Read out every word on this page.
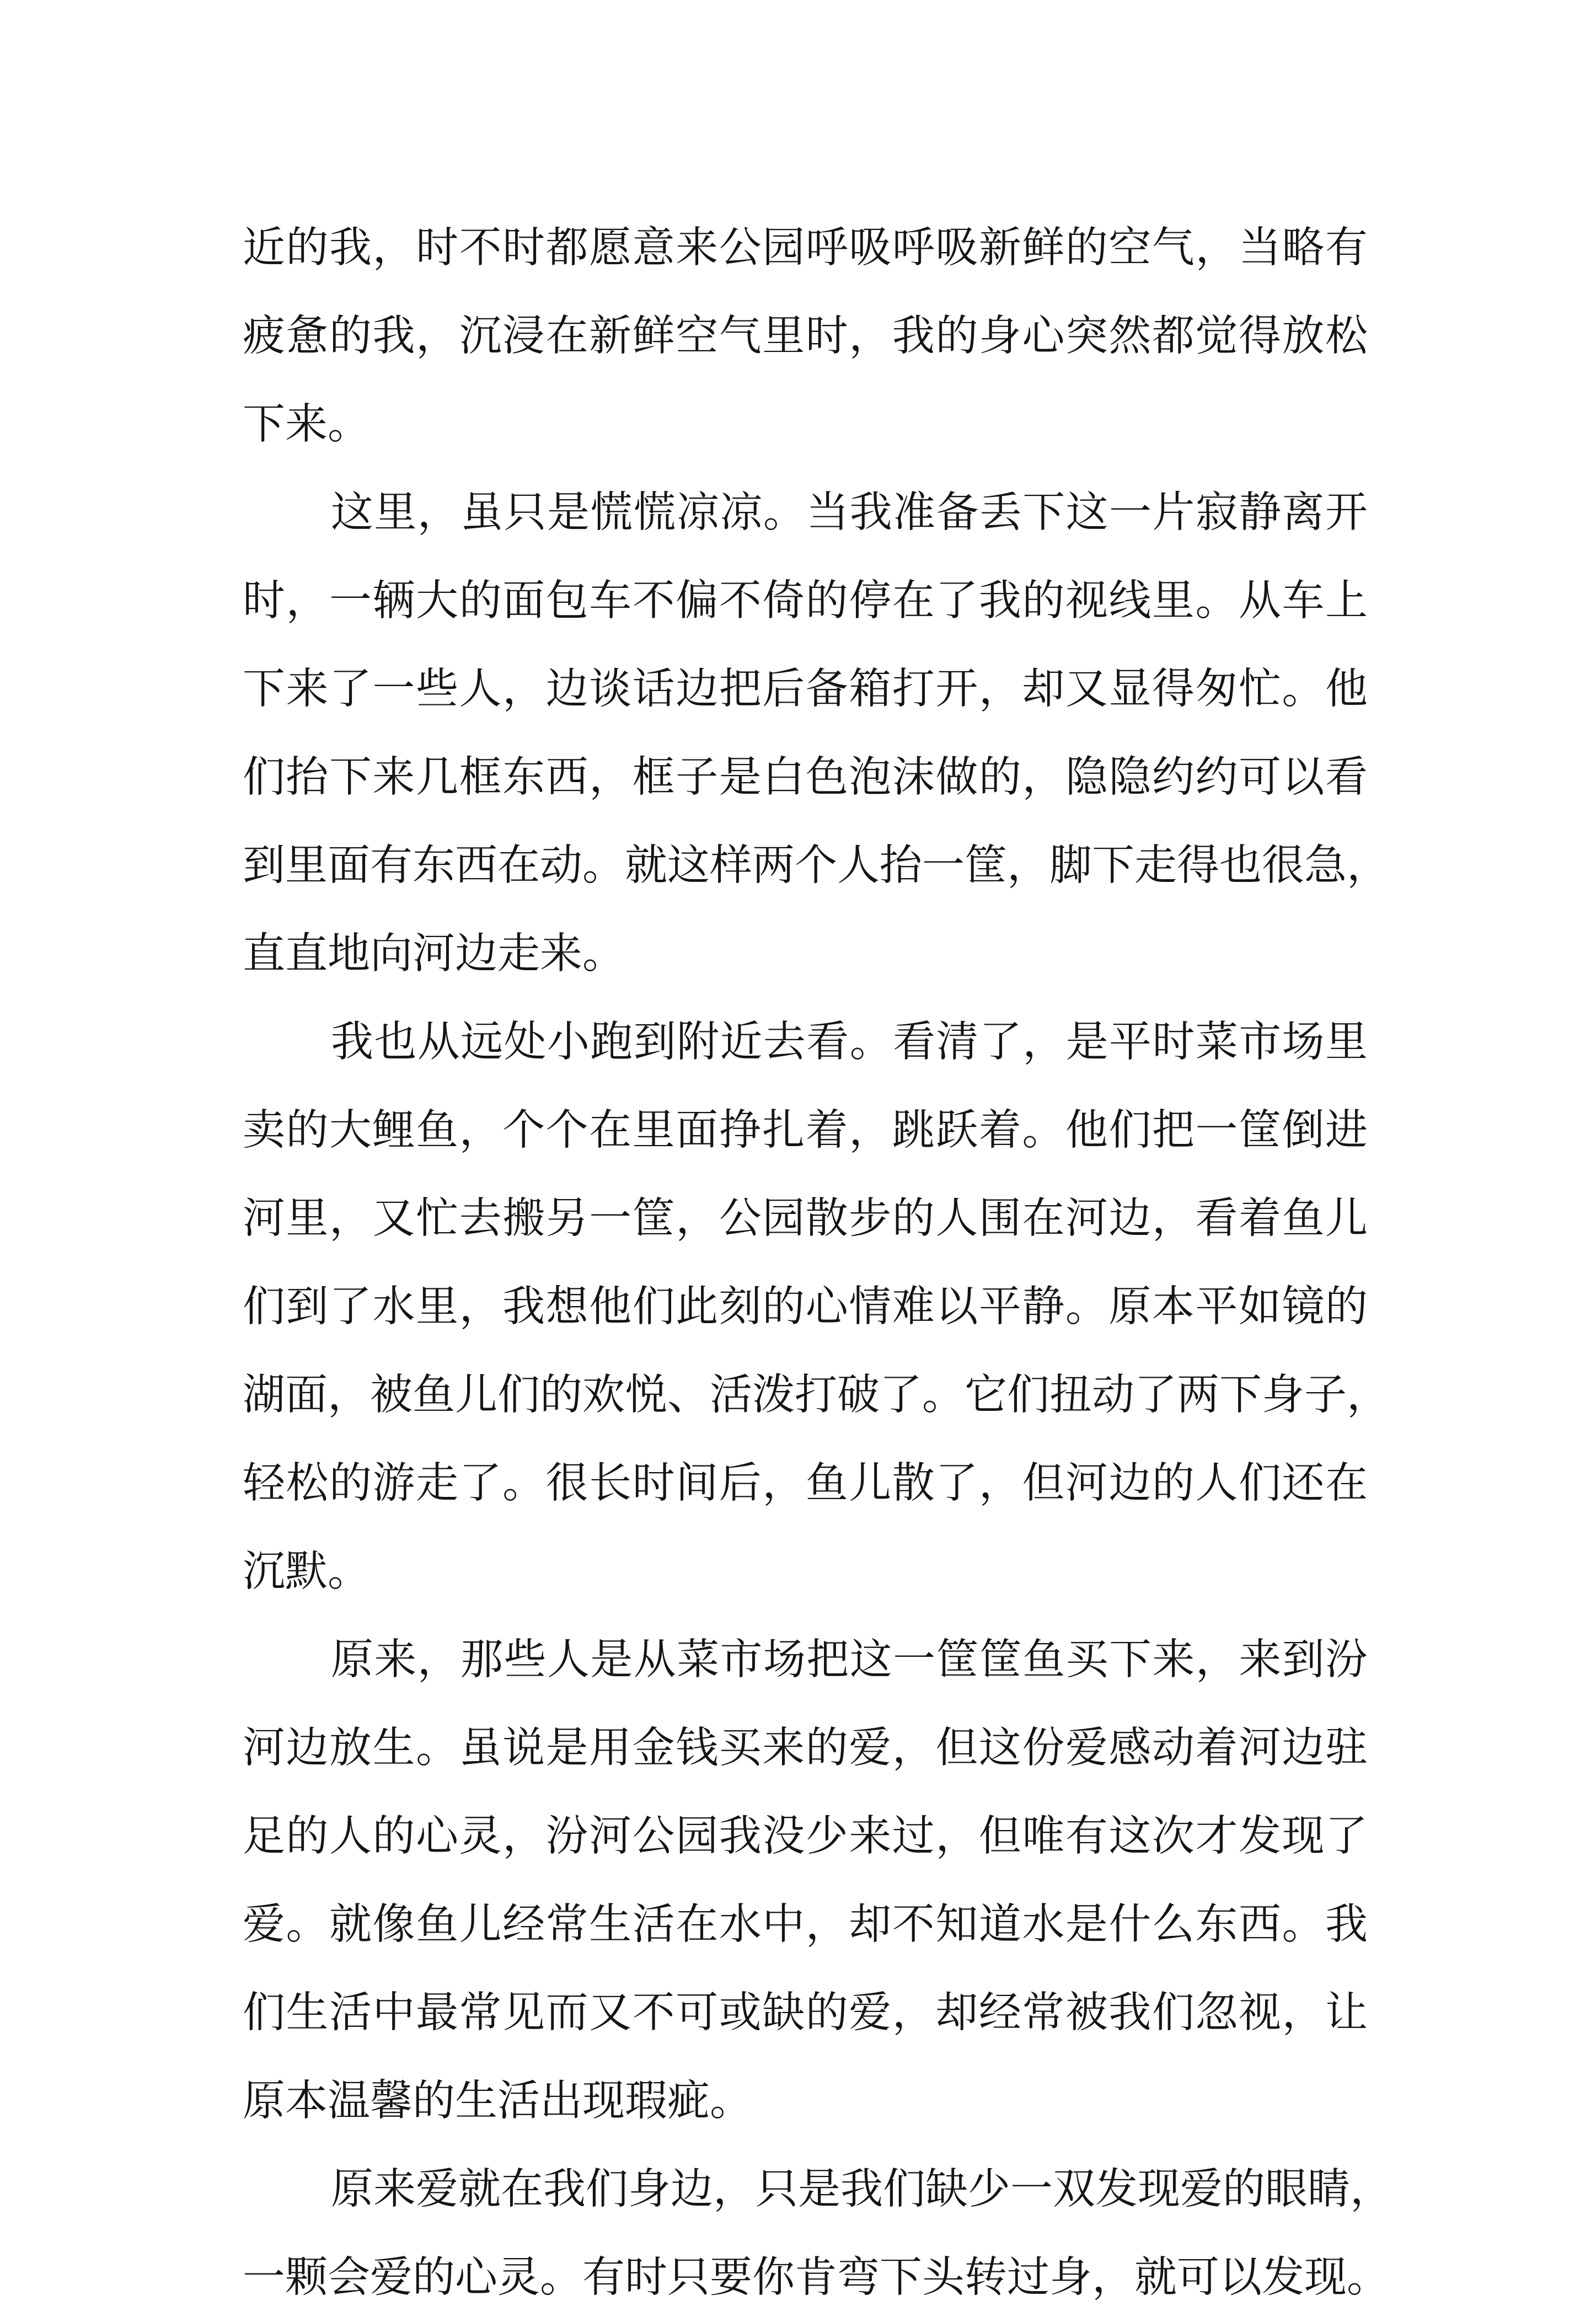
近的我，时不时都愿意来公园呼吸呼吸新鲜的空气，当略有
疲惫的我，沉浸在新鲜空气里时，我的身心突然都觉得放松
下来。
这里，虽只是慌慌凉凉。当我准备丢下这一片寂静离开
时，一辆大的面包车不偏不倚的停在了我的视线里。从车上
下来了一些人，边谈话边把后备箱打开，却又显得匆忙。他
们抬下来几框东西，框子是白色泡沫做的，隐隐约约可以看
到里面有东西在动。就这样两个人抬一筐，脚下走得也很急，
直直地向河边走来。
我也从远处小跑到附近去看。看清了，是平时菜市场里
卖的大鲤鱼，个个在里面挣扎着，跳跃着。他们把一筐倒进
河里，又忙去搬另一筐，公园散步的人围在河边，看着鱼儿
们到了水里，我想他们此刻的心情难以平静。原本平如镜的
湖面，被鱼儿们的欢悦、活泼打破了。它们扭动了两下身子，
轻松的游走了。很长时间后，鱼儿散了，但河边的人们还在
沉默。
原来，那些人是从菜市场把这一筐筐鱼买下来，来到汾
河边放生。虽说是用金钱买来的爱，但这份爱感动着河边驻
足的人的心灵，汾河公园我没少来过，但唯有这次才发现了
爱。就像鱼儿经常生活在水中，却不知道水是什么东西。我
们生活中最常见而又不可或缺的爱，却经常被我们忽视，让
原本温馨的生活出现瑕疵。
原来爱就在我们身边，只是我们缺少一双发现爱的眼睛，
一颗会爱的心灵。有时只要你肯弯下头转过身，就可以发现。
